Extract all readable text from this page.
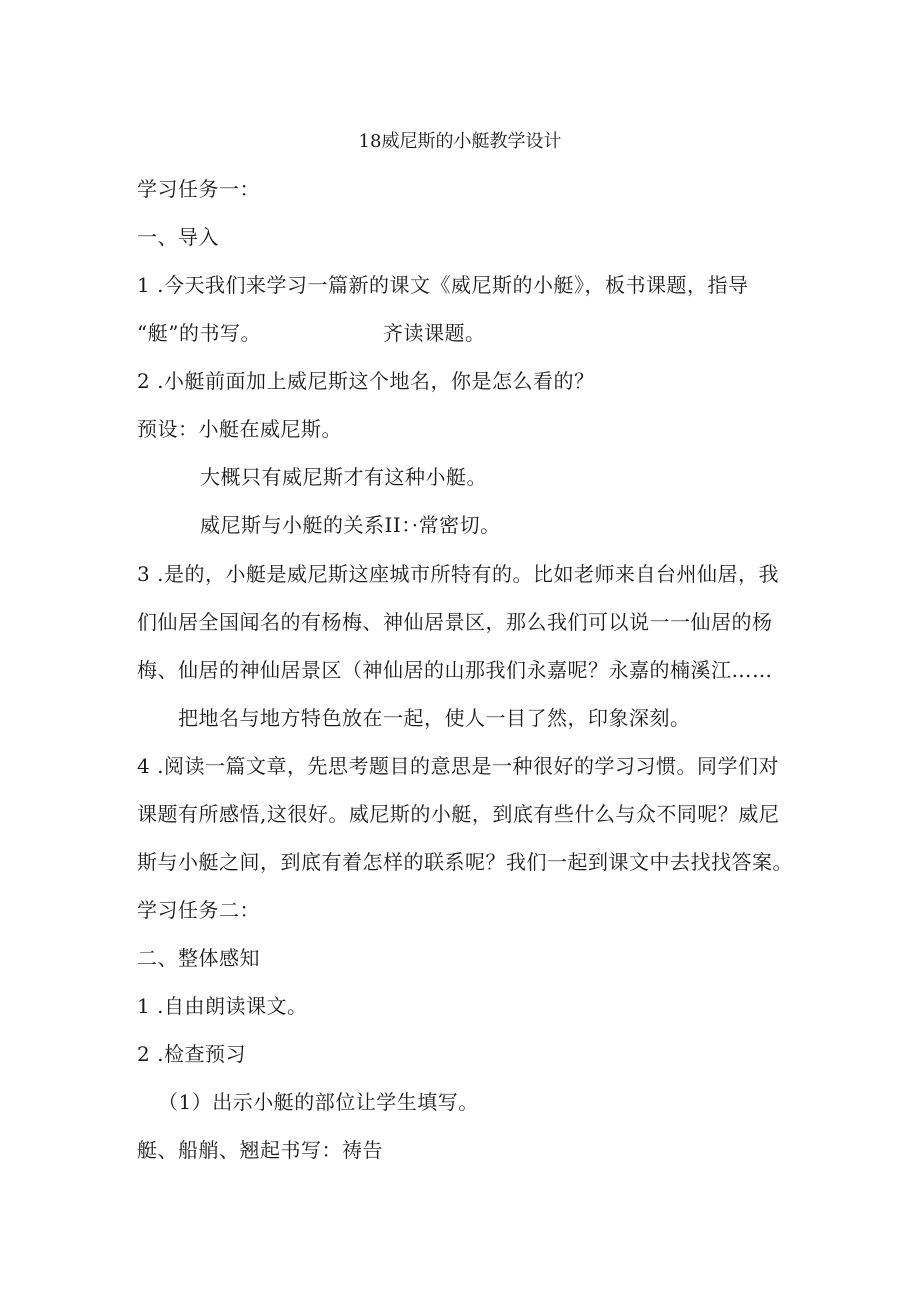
18威尼斯的小艇教学设计
学习任务一：
一、导入
1 .今天我们来学习一篇新的课文《威尼斯的小艇》，板书课题，指导
“艇”的书写。	齐读课题。
2 .小艇前面加上威尼斯这个地名，你是怎么看的？
预设：小艇在威尼斯。
大概只有威尼斯才有这种小艇。
威尼斯与小艇的关系II：·常密切。
3 .是的，小艇是威尼斯这座城市所特有的。比如老师来自台州仙居，我
们仙居全国闻名的有杨梅、神仙居景区，那么我们可以说一一仙居的杨
梅、仙居的神仙居景区（神仙居的山那我们永嘉呢？永嘉的楠溪江……
把地名与地方特色放在一起，使人一目了然，印象深刻。
4 .阅读一篇文章，先思考题目的意思是一种很好的学习习惯。同学们对
课题有所感悟,这很好。威尼斯的小艇，到底有些什么与众不同呢？威尼
斯与小艇之间，到底有着怎样的联系呢？我们一起到课文中去找找答案。
学习任务二：
二、整体感知
1 .自由朗读课文。
2 .检查预习
（1）出示小艇的部位让学生填写。
艇、船艄、翘起书写：祷告
